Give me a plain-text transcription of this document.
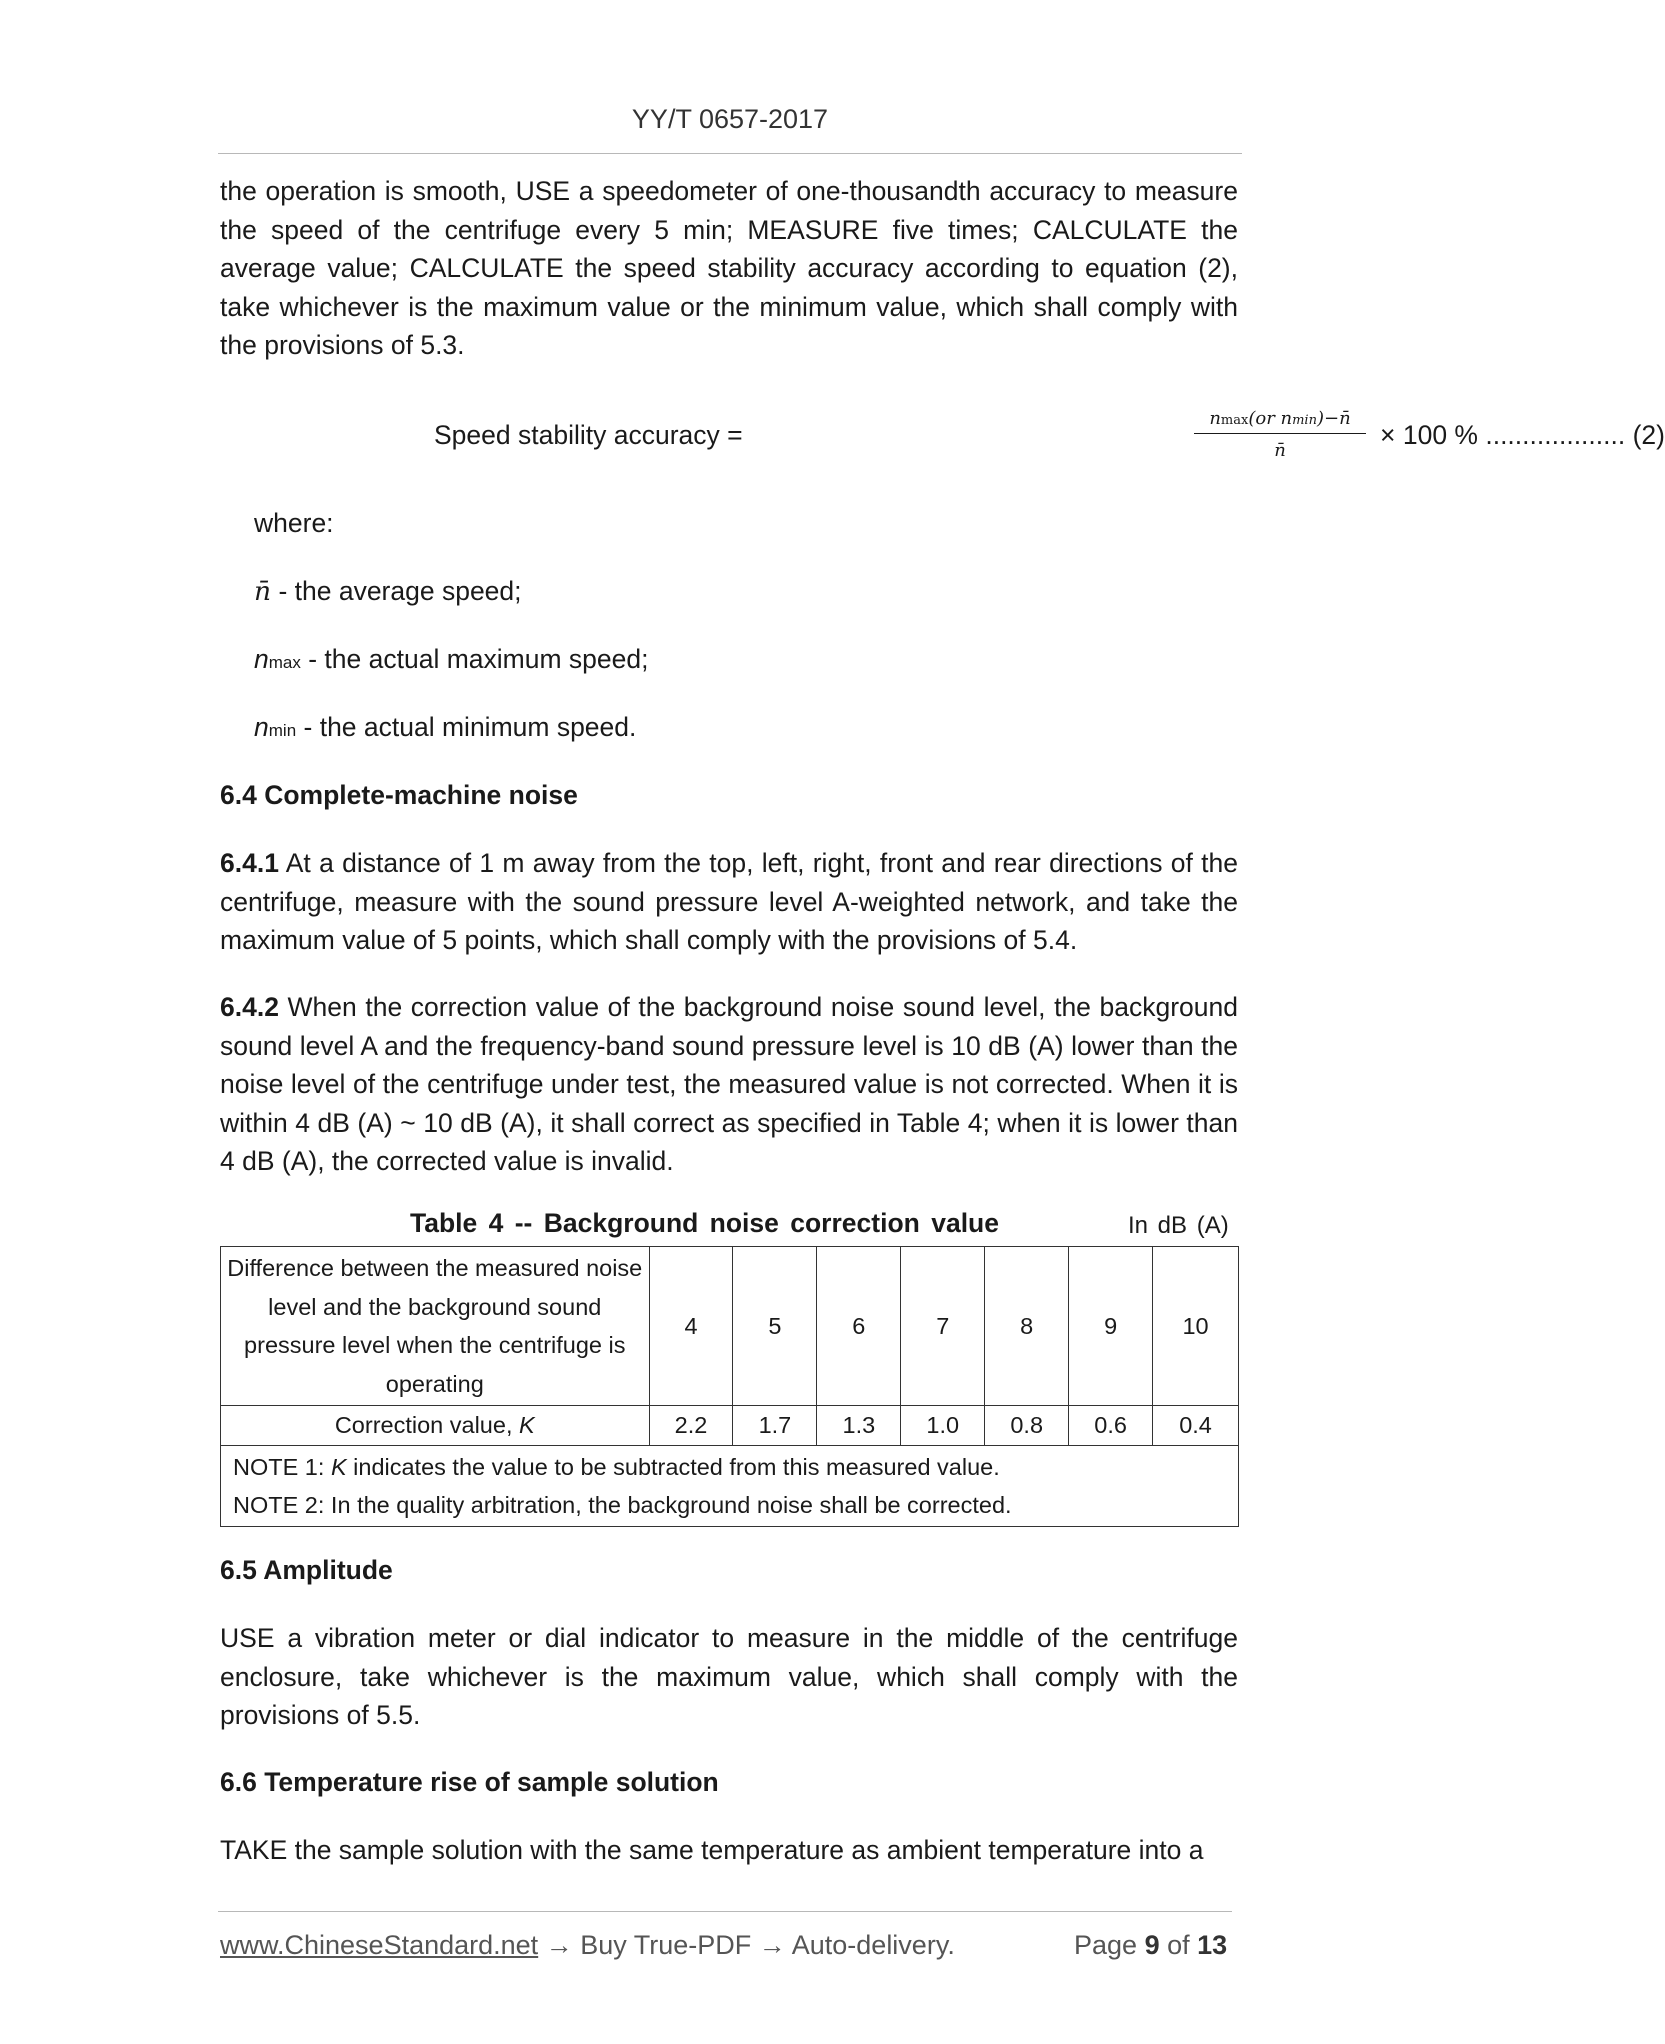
YY/T 0657-2017

the operation is smooth, USE a speedometer of one-thousandth accuracy to measure the speed of the centrifuge every 5 min; MEASURE five times; CALCULATE the average value; CALCULATE the speed stability accuracy according to equation (2), take whichever is the maximum value or the minimum value, which shall comply with the provisions of 5.3.

Speed stability accuracy =
nmax(or nmin)−n̄
n̄
× 100 % ................... (2)
where:
n̄ - the average speed;
nmax - the actual maximum speed;
nmin - the actual minimum speed.
6.4 Complete-machine noise

6.4.1 At a distance of 1 m away from the top, left, right, front and rear directions of the centrifuge, measure with the sound pressure level A-weighted network, and take the maximum value of 5 points, which shall comply with the provisions of 5.4.

6.4.2 When the correction value of the background noise sound level, the background sound level A and the frequency-band sound pressure level is 10 dB (A) lower than the noise level of the centrifuge under test, the measured value is not corrected. When it is within 4 dB (A) ~ 10 dB (A), it shall correct as specified in Table 4; when it is lower than 4 dB (A), the corrected value is invalid.

Table 4 -- Background noise correction value	In dB (A)
Difference between the measured noise level and the background sound pressure level when the centrifuge is operating	4	5	6	7	8	9	10
Correction value, K	2.2	1.7	1.3	1.0	0.8	0.6	0.4

NOTE 1: K indicates the value to be subtracted from this measured value.
NOTE 2: In the quality arbitration, the background noise shall be corrected.							
6.5 Amplitude

USE a vibration meter or dial indicator to measure in the middle of the centrifuge enclosure, take whichever is the maximum value, which shall comply with the provisions of 5.5.

6.6 Temperature rise of sample solution

TAKE the sample solution with the same temperature as ambient temperature into a

www.ChineseStandard.net → Buy True-PDF → Auto-delivery.	Page 9 of 13
